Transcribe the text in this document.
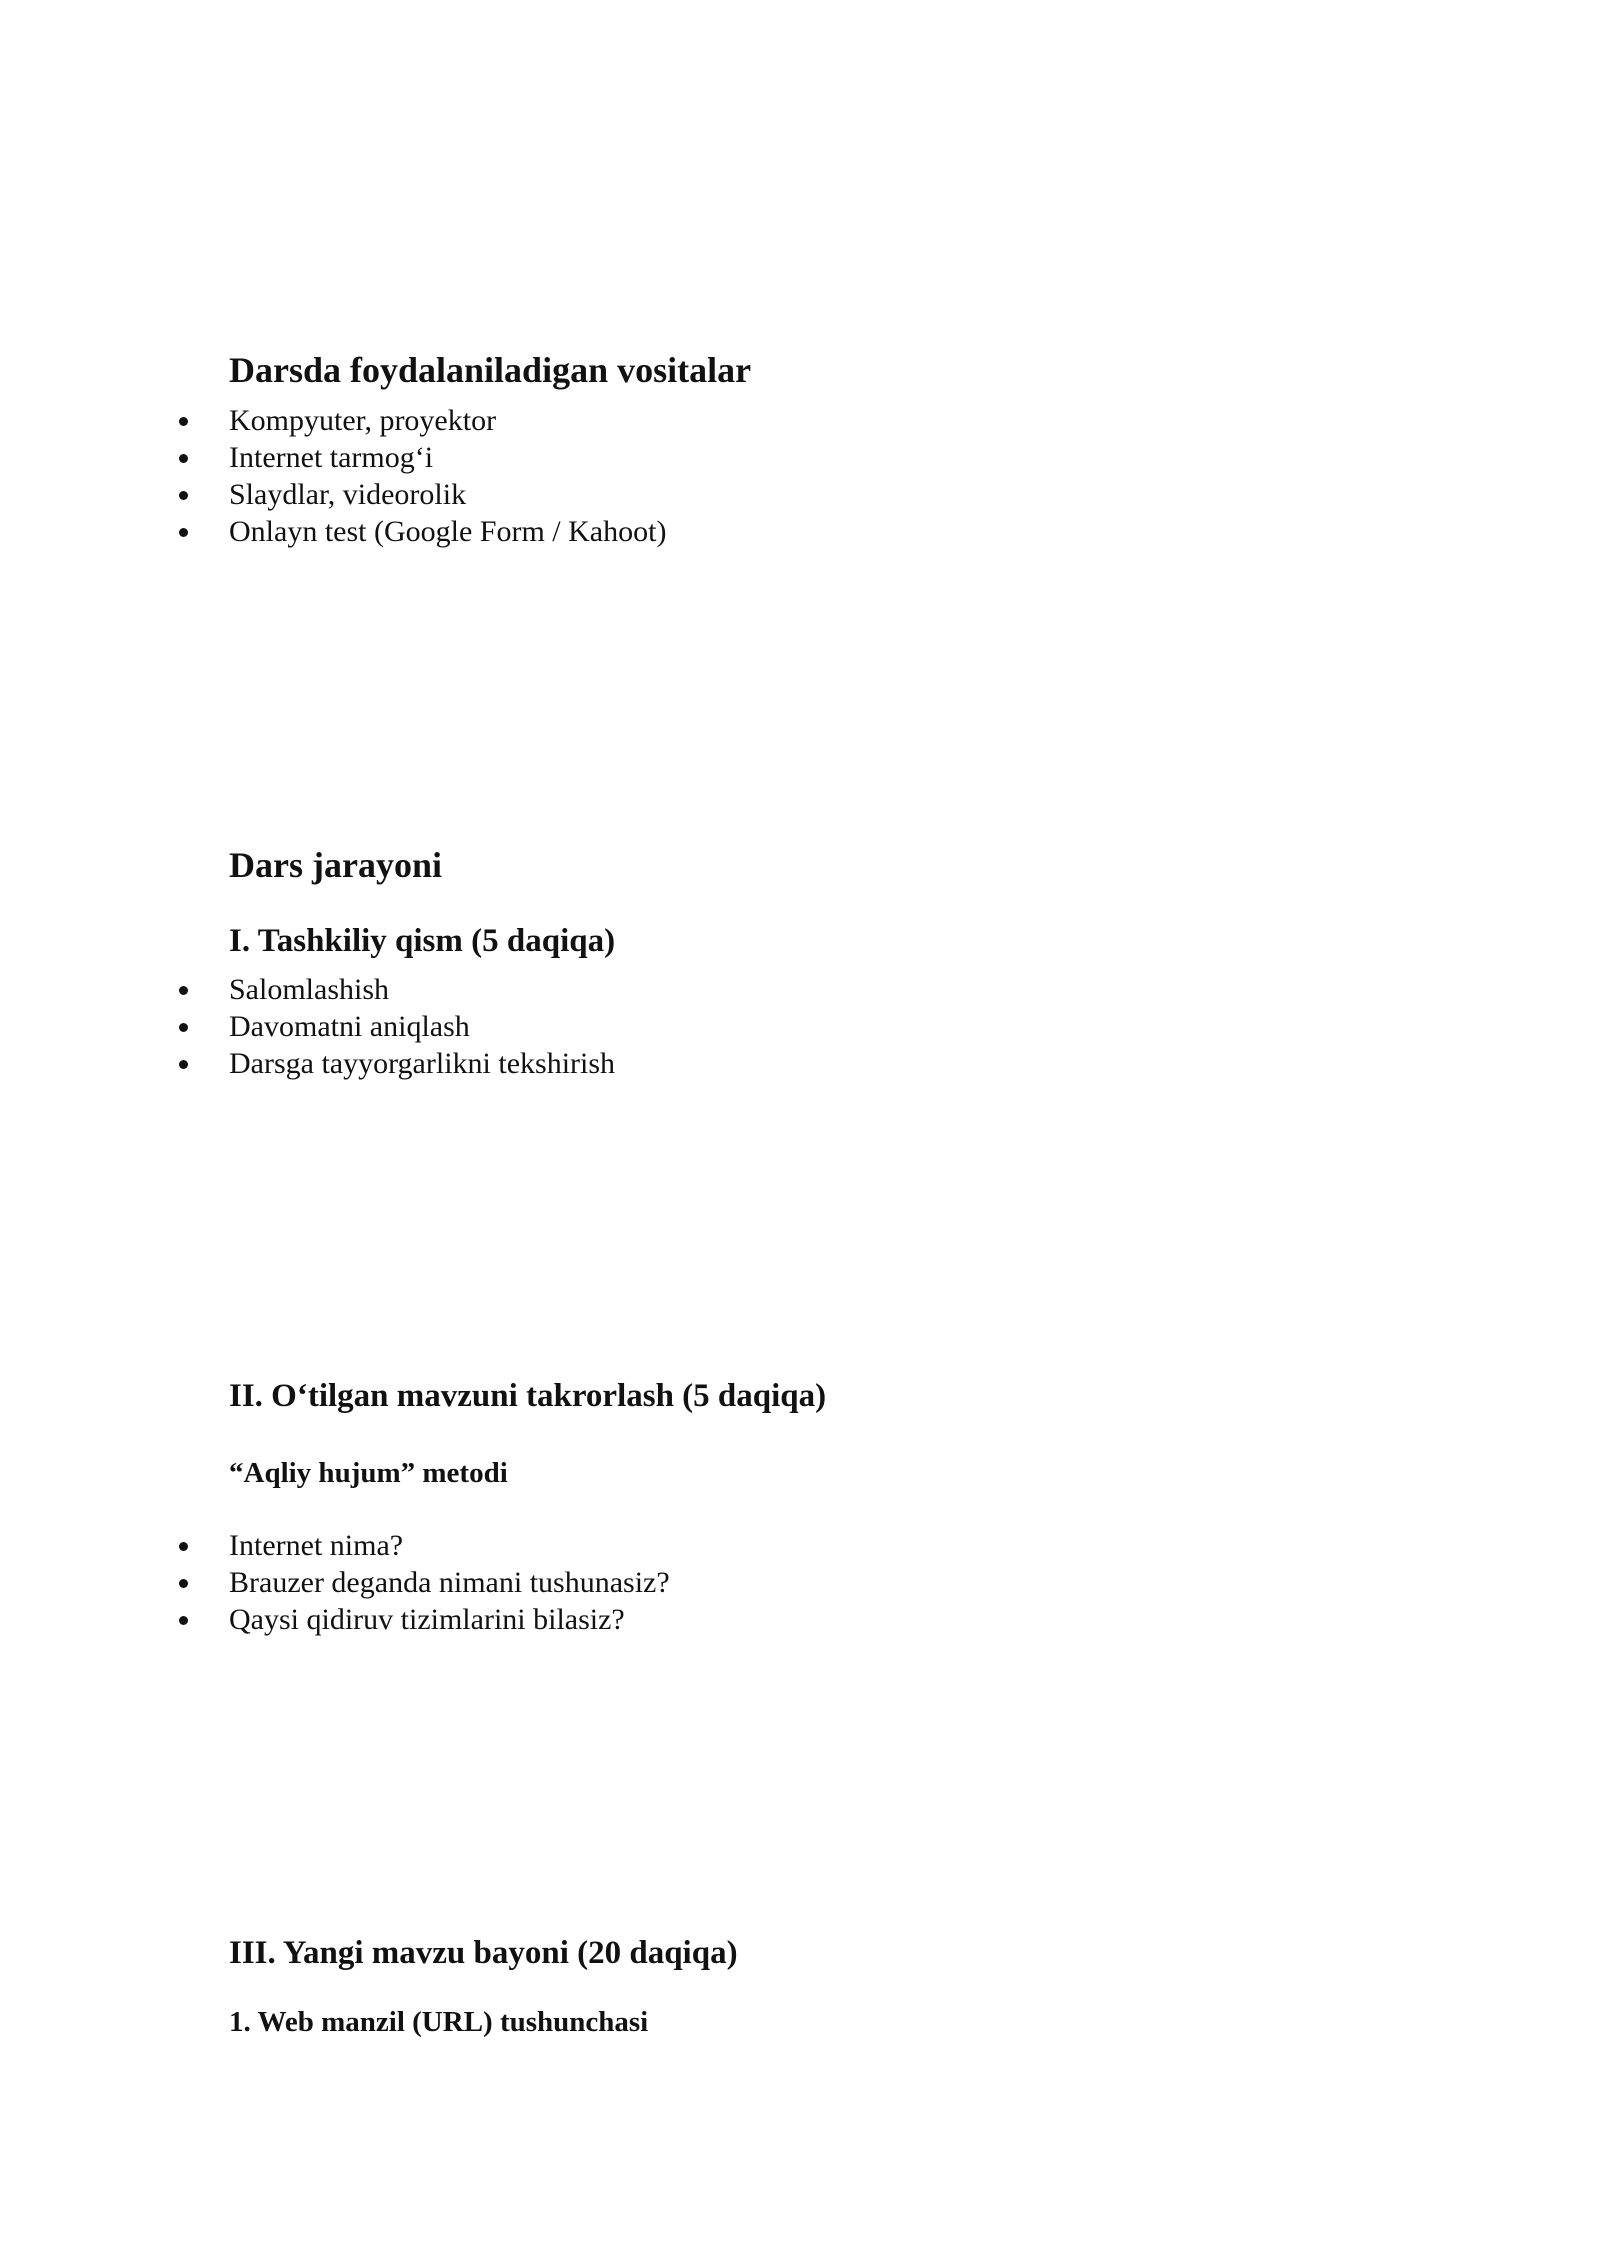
Darsda foydalaniladigan vositalar
Kompyuter, proyektor
Internet tarmog‘i
Slaydlar, videorolik
Onlayn test (Google Form / Kahoot)
Dars jarayoni
I. Tashkiliy qism (5 daqiqa)
Salomlashish
Davomatni aniqlash
Darsga tayyorgarlikni tekshirish
II. O‘tilgan mavzuni takrorlash (5 daqiqa)
“Aqliy hujum” metodi
Internet nima?
Brauzer deganda nimani tushunasiz?
Qaysi qidiruv tizimlarini bilasiz?
III. Yangi mavzu bayoni (20 daqiqa)
1. Web manzil (URL) tushunchasi
